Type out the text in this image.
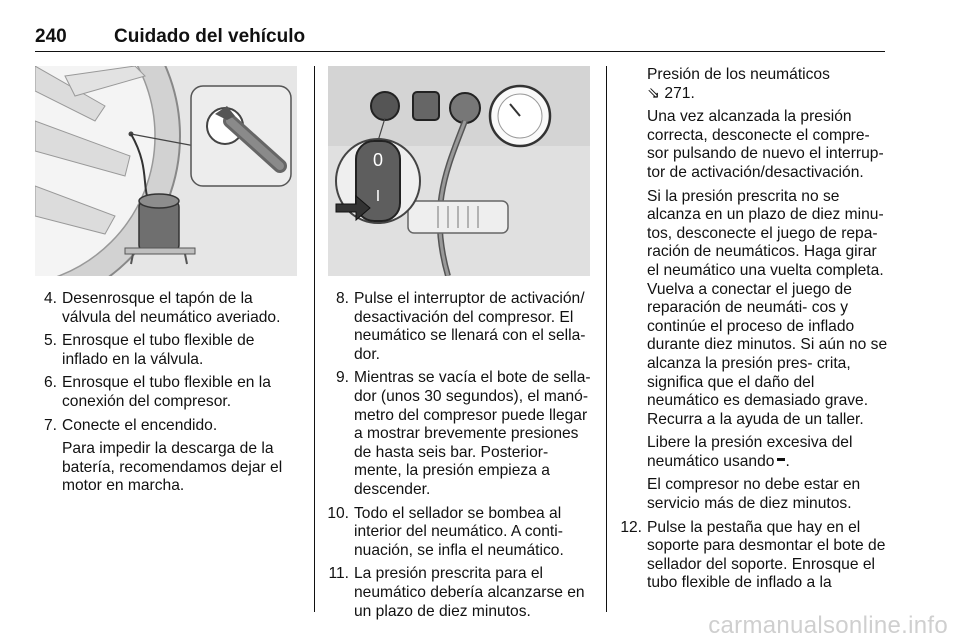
240 Cuidado del vehículo
0
I
4. Desenrosque el tapón de la válvula del neumático averiado.
5. Enrosque el tubo flexible de inflado en la válvula.
6. Enrosque el tubo flexible en la conexión del compresor.
7. Conecte el encendido.
Para impedir la descarga de la batería, recomendamos dejar el motor en marcha.
8. Pulse el interruptor de activación/ desactivación del compresor. El neumático se llenará con el sella- dor.
9. Mientras se vacía el bote de sella- dor (unos 30 segundos), el manó- metro del compresor puede llegar a mostrar brevemente presiones de hasta seis bar. Posterior- mente, la presión empieza a descender.
10. Todo el sellador se bombea al interior del neumático. A conti- nuación, se infla el neumático.
11. La presión prescrita para el neumático debería alcanzarse en un plazo de diez minutos.
Presión de los neumáticos
⇘ 271.
Una vez alcanzada la presión correcta, desconecte el compre- sor pulsando de nuevo el interrup- tor de activación/desactivación.
Si la presión prescrita no se alcanza en un plazo de diez minu- tos, desconecte el juego de repa- ración de neumáticos. Haga girar el neumático una vuelta completa. Vuelva a conectar el juego de reparación de neumáti- cos y continúe el proceso de inflado durante diez minutos. Si aún no se alcanza la presión pres- crita, significa que el daño del neumático es demasiado grave. Recurra a la ayuda de un taller.
Libere la presión excesiva del neumático usando .
El compresor no debe estar en servicio más de diez minutos.
12. Pulse la pestaña que hay en el soporte para desmontar el bote de sellador del soporte. Enrosque el tubo flexible de inflado a la
carmanualsonline.info
